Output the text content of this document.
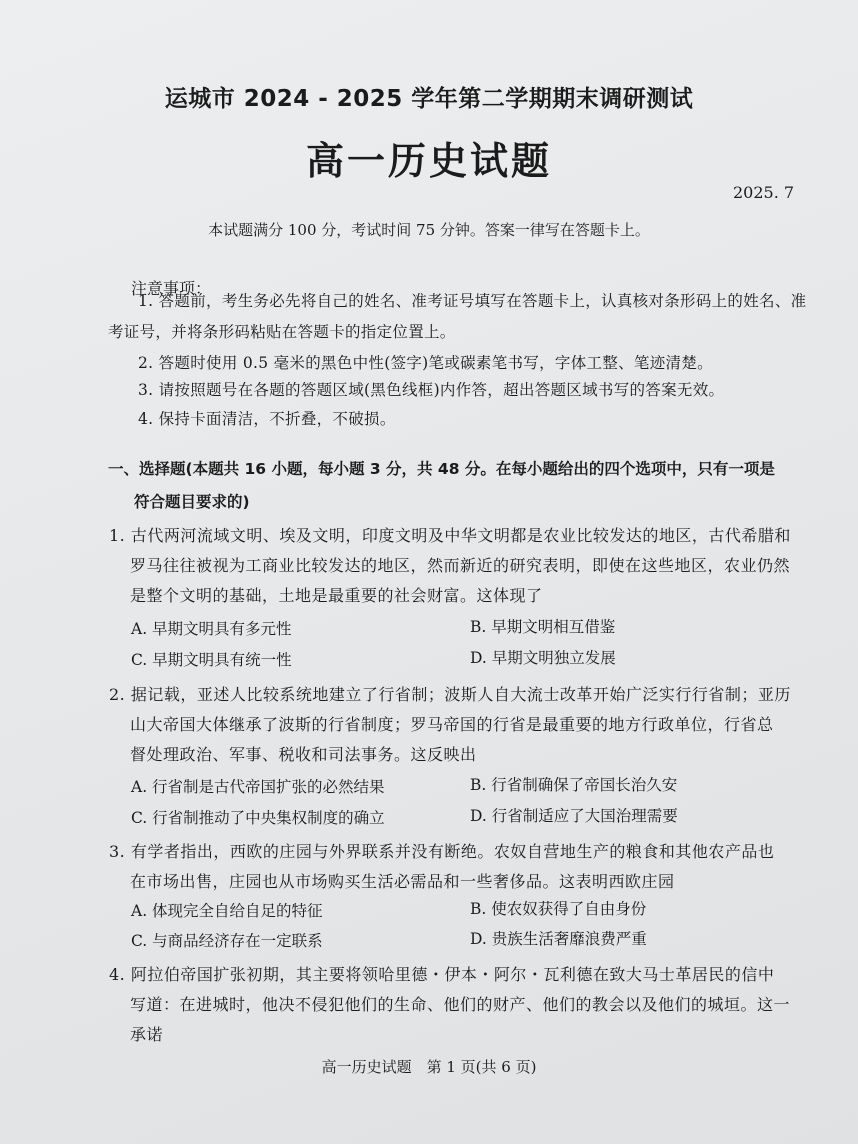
运城市 2024 - 2025 学年第二学期期末调研测试
高一历史试题
2025. 7
本试题满分 100 分，考试时间 75 分钟。答案一律写在答题卡上。
注意事项：
1. 答题前，考生务必先将自己的姓名、准考证号填写在答题卡上，认真核对条形码上的姓名、准考证号，并将条形码粘贴在答题卡的指定位置上。
2. 答题时使用 0.5 毫米的黑色中性(签字)笔或碳素笔书写，字体工整、笔迹清楚。
3. 请按照题号在各题的答题区域(黑色线框)内作答，超出答题区域书写的答案无效。
4. 保持卡面清洁，不折叠，不破损。
一、选择题(本题共 16 小题，每小题 3 分，共 48 分。在每小题给出的四个选项中，只有一项是
符合题目要求的)
1. 古代两河流域文明、埃及文明，印度文明及中华文明都是农业比较发达的地区，古代希腊和
罗马往往被视为工商业比较发达的地区，然而新近的研究表明，即使在这些地区，农业仍然
是整个文明的基础，土地是最重要的社会财富。这体现了
A. 早期文明具有多元性	B. 早期文明相互借鉴
C. 早期文明具有统一性	D. 早期文明独立发展
2. 据记载，亚述人比较系统地建立了行省制；波斯人自大流士改革开始广泛实行行省制；亚历
山大帝国大体继承了波斯的行省制度；罗马帝国的行省是最重要的地方行政单位，行省总
督处理政治、军事、税收和司法事务。这反映出
A. 行省制是古代帝国扩张的必然结果	B. 行省制确保了帝国长治久安
C. 行省制推动了中央集权制度的确立	D. 行省制适应了大国治理需要
3. 有学者指出，西欧的庄园与外界联系并没有断绝。农奴自营地生产的粮食和其他农产品也
在市场出售，庄园也从市场购买生活必需品和一些奢侈品。这表明西欧庄园
A. 体现完全自给自足的特征	B. 使农奴获得了自由身份
C. 与商品经济存在一定联系	D. 贵族生活奢靡浪费严重
4. 阿拉伯帝国扩张初期，其主要将领哈里德・伊本・阿尔・瓦利德在致大马士革居民的信中
写道：在进城时，他决不侵犯他们的生命、他们的财产、他们的教会以及他们的城垣。这一
承诺
高一历史试题　第 1 页(共 6 页)
